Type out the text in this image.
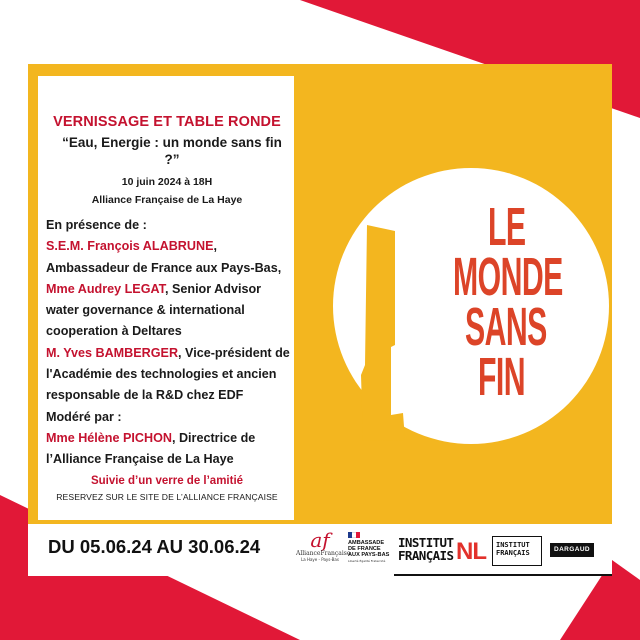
LE
MONDE
SANS
FIN
VERNISSAGE ET TABLE RONDE
“Eau, Energie : un monde sans fin ?”
10 juin 2024 à 18H
Alliance Française de La Haye
En présence de :
S.E.M. François ALABRUNE,
Ambassadeur de France aux Pays-Bas,
Mme Audrey LEGAT, Senior Advisor
water governance & international
cooperation à Deltares
M. Yves BAMBERGER, Vice-président de
l'Académie des technologies et ancien
responsable de la R&D chez EDF
Modéré par :
Mme Hélène PICHON, Directrice de
l’Alliance Française de La Haye
Suivie d’un verre de l’amitié
RESERVEZ SUR LE SITE DE L’ALLIANCE FRANÇAISE
DU 05.06.24 AU 30.06.24	af
AllianceFrançaise
La Haye - Pays-Bas
AMBASSADE
DE FRANCE
AUX PAYS-BAS
Liberté Égalité Fraternité
INSTITUT
FRANÇAIS NL INSTITUT
FRANÇAIS	DARGAUD
